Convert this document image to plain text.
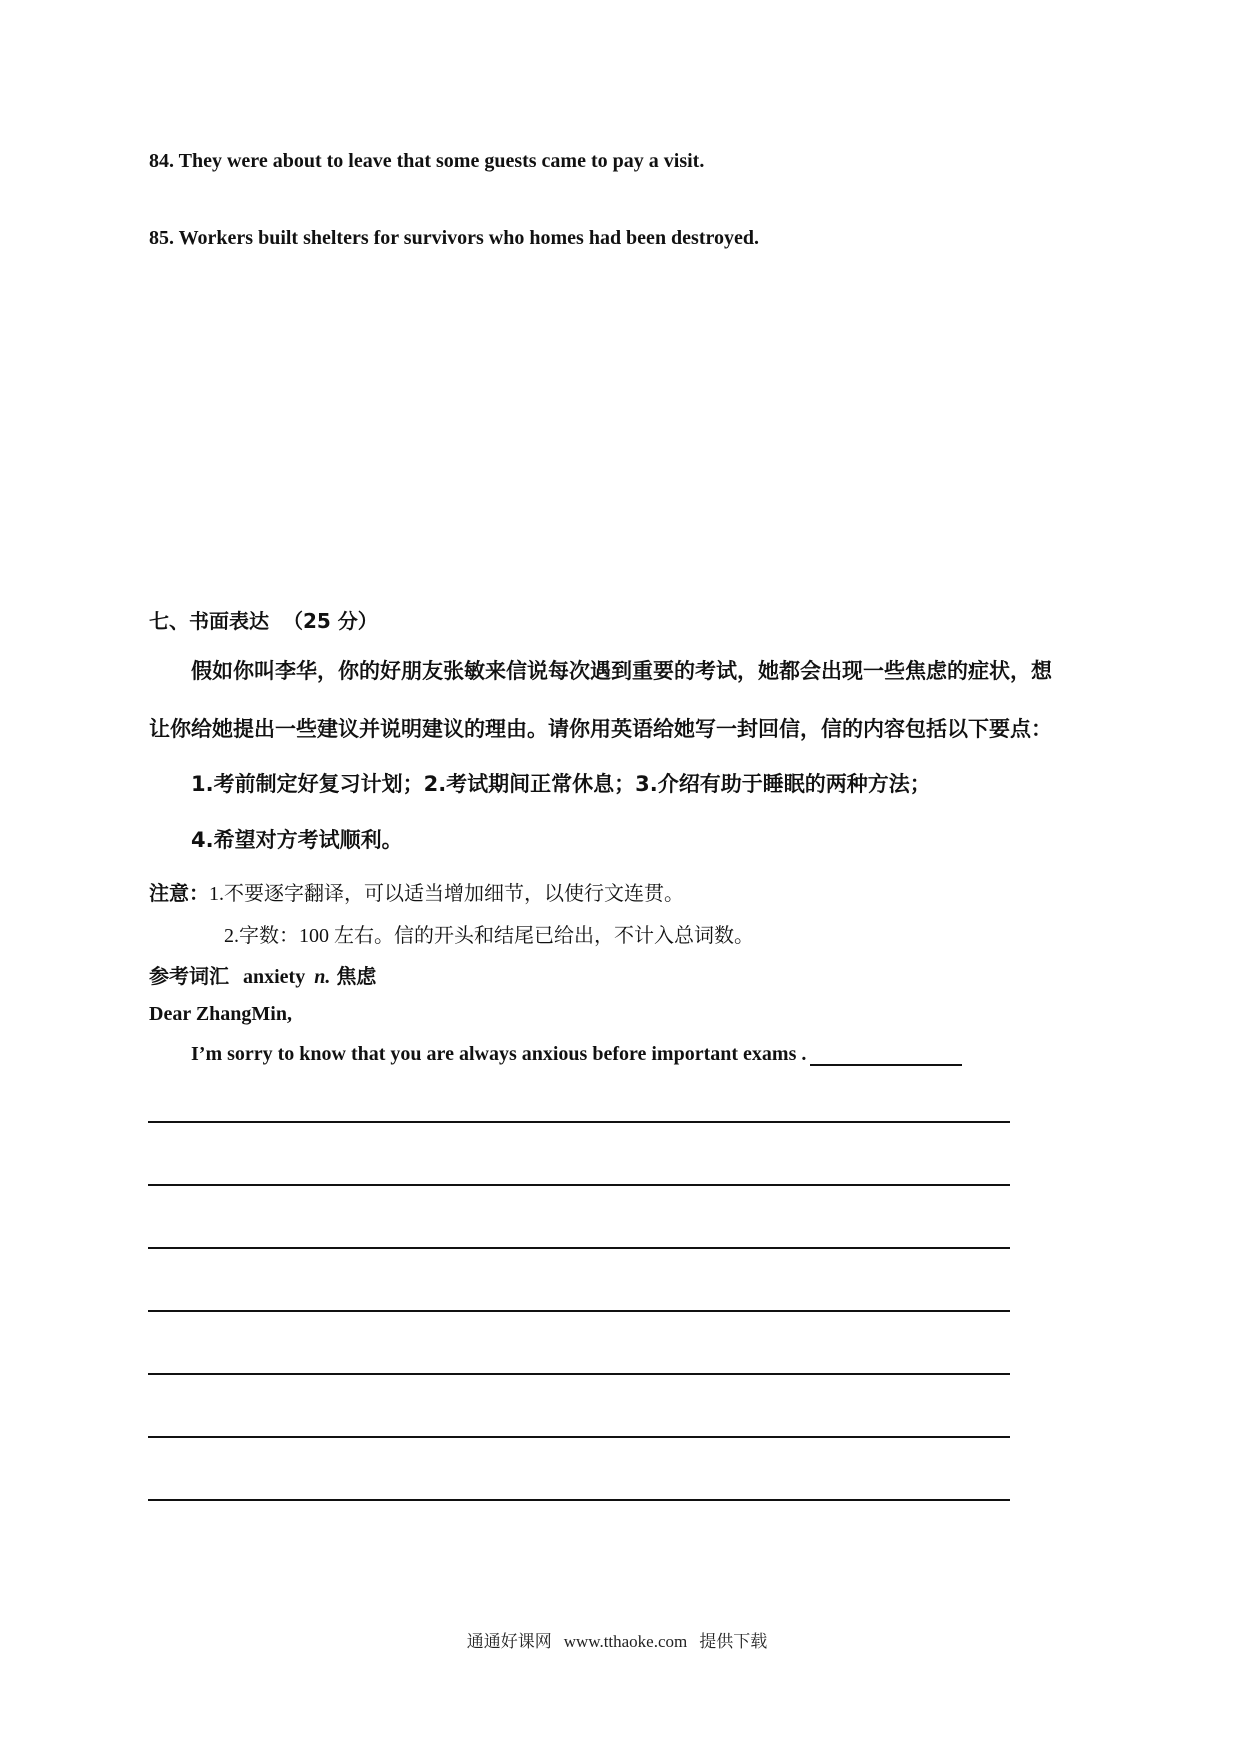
84. They were about to leave that some guests came to pay a visit.
85. Workers built shelters for survivors who homes had been destroyed.
七、书面表达 （25 分）
假如你叫李华，你的好朋友张敏来信说每次遇到重要的考试，她都会出现一些焦虑的症状，想
让你给她提出一些建议并说明建议的理由。请你用英语给她写一封回信，信的内容包括以下要点：
1.考前制定好复习计划；2.考试期间正常休息；3.介绍有助于睡眠的两种方法；
4.希望对方考试顺利。
注意：1.不要逐字翻译，可以适当增加细节，以使行文连贯。
2.字数：100 左右。信的开头和结尾已给出，不计入总词数。
参考词汇 anxiety n. 焦虑
Dear ZhangMin,
I’m sorry to know that you are always anxious before important exams .
通通好课网 www.tthaoke.com 提供下载
